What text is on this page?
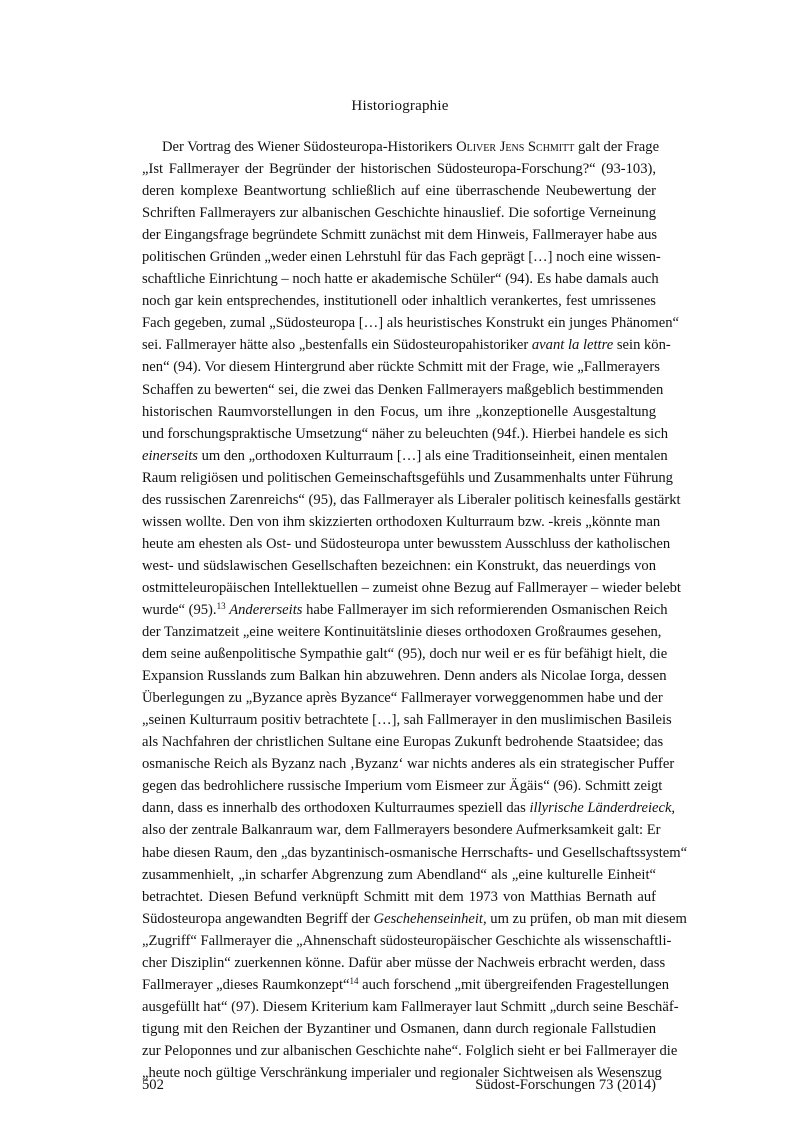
Historiographie

Der Vortrag des Wiener Südosteuropa-Historikers Oliver Jens Schmitt galt der Frage
„Ist Fallmerayer der Begründer der historischen Südosteuropa-Forschung?“ (93-103),
deren komplexe Beantwortung schließlich auf eine überraschende Neubewertung der
Schriften Fallmerayers zur albanischen Geschichte hinauslief. Die sofortige Verneinung
der Eingangsfrage begründete Schmitt zunächst mit dem Hinweis, Fallmerayer habe aus
politischen Gründen „weder einen Lehrstuhl für das Fach geprägt […] noch eine wissen-
schaftliche Einrichtung – noch hatte er akademische Schüler“ (94). Es habe damals auch
noch gar kein entsprechendes, institutionell oder inhaltlich verankertes, fest umrissenes
Fach gegeben, zumal „Südosteuropa […] als heuristisches Konstrukt ein junges Phänomen“
sei. Fallmerayer hätte also „bestenfalls ein Südosteuropahistoriker avant la lettre sein kön-
nen“ (94). Vor diesem Hintergrund aber rückte Schmitt mit der Frage, wie „Fallmerayers
Schaffen zu bewerten“ sei, die zwei das Denken Fallmerayers maßgeblich bestimmenden
historischen Raumvorstellungen in den Focus, um ihre „konzeptionelle Ausgestaltung
und forschungspraktische Umsetzung“ näher zu beleuchten (94f.). Hierbei handele es sich
einerseits um den „orthodoxen Kulturraum […] als eine Traditionseinheit, einen mentalen
Raum religiösen und politischen Gemeinschaftsgefühls und Zusammenhalts unter Führung
des russischen Zarenreichs“ (95), das Fallmerayer als Liberaler politisch keinesfalls gestärkt
wissen wollte. Den von ihm skizzierten orthodoxen Kulturraum bzw. -kreis „könnte man
heute am ehesten als Ost- und Südosteuropa unter bewusstem Ausschluss der katholischen
west- und südslawischen Gesellschaften bezeichnen: ein Konstrukt, das neuerdings von
ostmitteleuropäischen Intellektuellen – zumeist ohne Bezug auf Fallmerayer – wieder belebt
wurde“ (95).$^{13}$ Andererseits habe Fallmerayer im sich reformierenden Osmanischen Reich
der Tanzimatzeit „eine weitere Kontinuitätslinie dieses orthodoxen Großraumes gesehen,
dem seine außenpolitische Sympathie galt“ (95), doch nur weil er es für befähigt hielt, die
Expansion Russlands zum Balkan hin abzuwehren. Denn anders als Nicolae Iorga, dessen
Überlegungen zu „Byzance après Byzance“ Fallmerayer vorweggenommen habe und der
„seinen Kulturraum positiv betrachtete […], sah Fallmerayer in den muslimischen Basileis
als Nachfahren der christlichen Sultane eine Europas Zukunft bedrohende Staatsidee; das
osmanische Reich als Byzanz nach ‚Byzanz‘ war nichts anderes als ein strategischer Puffer
gegen das bedrohlichere russische Imperium vom Eismeer zur Ägäis“ (96). Schmitt zeigt
dann, dass es innerhalb des orthodoxen Kulturraumes speziell das illyrische Länderdreieck,
also der zentrale Balkanraum war, dem Fallmerayers besondere Aufmerksamkeit galt: Er
habe diesen Raum, den „das byzantinisch-osmanische Herrschafts- und Gesellschaftssystem“
zusammenhielt, „in scharfer Abgrenzung zum Abendland“ als „eine kulturelle Einheit“
betrachtet. Diesen Befund verknüpft Schmitt mit dem 1973 von Matthias Bernath auf
Südosteuropa angewandten Begriff der Geschehenseinheit, um zu prüfen, ob man mit diesem
„Zugriff“ Fallmerayer die „Ahnenschaft südosteuropäischer Geschichte als wissenschaftli-
cher Disziplin“ zuerkennen könne. Dafür aber müsse der Nachweis erbracht werden, dass
Fallmerayer „dieses Raumkonzept“$^{14}$ auch forschend „mit übergreifenden Fragestellungen
ausgefüllt hat“ (97). Diesem Kriterium kam Fallmerayer laut Schmitt „durch seine Beschäf-
tigung mit den Reichen der Byzantiner und Osmanen, dann durch regionale Fallstudien
zur Peloponnes und zur albanischen Geschichte nahe“. Folglich sieht er bei Fallmerayer die
„heute noch gültige Verschränkung imperialer und regionaler Sichtweisen als Wesenszug

502	Südost-Forschungen 73 (2014)
